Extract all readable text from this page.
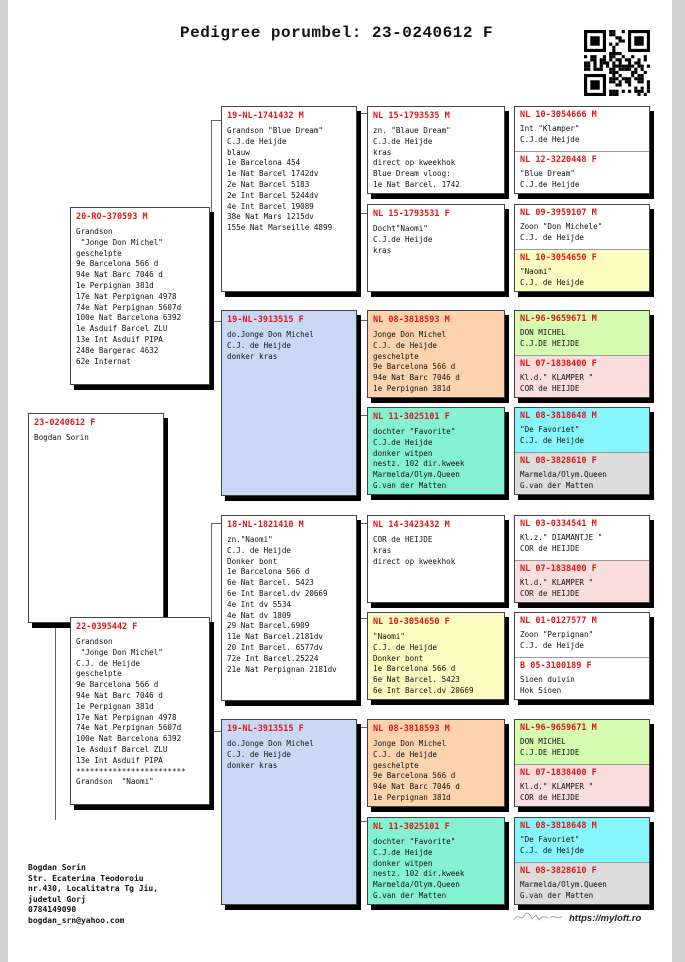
Pedigree porumbel: 23-0240612 F
23-0240612 F
Bogdan Sorin
20-RO-370593 M
Grandson
"Jonge Don Michel"
geschelpte
9e Barcelona 566 d
94e Nat Barc 7046 d
1e Perpignan 381d
17e Nat Perpignan 4978
74e Nat Perpignan 5607d
100e Nat Barcelona 6392
1e Asduif Barcel ZLU
13e Int Asduif PIPA
248e Bargerac 4632
62e Internat
22-0395442 F
Grandson
"Jonge Don Michel"
C.J. de Heijde
geschelpte
9e Barcelona 566 d
94e Nat Barc 7046 d
1e Perpignan 381d
17e Nat Perpignan 4978
74e Nat Perpignan 5607d
100e Nat Barcelona 6392
1e Asduif Barcel ZLU
13e Int Asduif PIPA
************************
Grandson  "Naomi"
19-NL-1741432 M
Grandson "Blue Dream"
C.J.de Heijde
blauw
1e Barcelona 454
1e Nat Barcel 1742dv
2e Nat Barcel 5183
2e Int Barcel 5244dv
4e Int Barcel 19089
38e Nat Mars 1215dv
155e Nat Marseille 4899
19-NL-3913515 F
do.Jonge Don Michel
C.J. de Heijde
donker kras
18-NL-1821410 M
zn."Naomi"
C.J. de Heijde
Donker bont
1e Barcelona 566 d
6e Nat Barcel. 5423
6e Int Barcel.dv 20669
4e Int dv 5534
4e Nat dv 1809
29 Nat Barcel.6909
11e Nat Barcel.2181dv
20 Int Barcel. 6577dv
72e Int Barcel.25224
21e Nat Perpignan 2181dv
19-NL-3913515 F
do.Jonge Don Michel
C.J. de Heijde
donker kras
NL 15-1793535 M
zn. "Blaue Dream"
C.J.de Heijde
kras
direct op kweekhok
Blue Dream vloog:
1e Nat Barcel. 1742
NL 15-1793531 F
Docht"Naomi"
C.J.de Heijde
kras
NL 08-3818593 M
Jonge Don Michel
C.J. de Heijde
geschelpte
9e Barcelona 566 d
94e Nat Barc 7046 d
1e Perpignan 381d
NL 11-3025101 F
dochter "Favorite"
C.J.de Heijde
donker witpen
nestz. 102 dir.kweek
Marmelda/Olym.Queen
G.van der Matten
NL 14-3423432 M
COR de HEIJDE
kras
direct op kweekhok
NL 10-3054650 F
"Naomi"
C.J. de Heijde
Donker bont
1e Barcelona 566 d
6e Nat Barcel. 5423
6e Int Barcel.dv 20669
NL 08-3818593 M
Jonge Don Michel
C.J. de Heijde
geschelpte
9e Barcelona 566 d
94e Nat Barc 7046 d
1e Perpignan 381d
NL 11-3025101 F
dochter "Favorite"
C.J.de Heijde
donker witpen
nestz. 102 dir.kweek
Marmelda/Olym.Queen
G.van der Matten
NL 10-3054666 M
Int "Klamper"
C.J.de Heijde
NL 12-3220448 F
"Blue Dream"
C.J.de Heijde
NL 09-3959107 M
Zoon "Don Michele"
C.J. de Heijde
NL 10-3054650 F
"Naomi"
C.J. de Heijde
NL-96-9659671 M
DON MICHEL
C.J.DE HEIJDE
NL 07-1838400 F
Kl.d." KLAMPER "
COR de HEIJDE
NL 08-3818648 M
"De Favoriet"
C.J. de Heijde
NL 08-3828610 F
Marmelda/Olym.Queen
G.van der Matten
NL 03-0334541 M
Kl.z." DIAMANTJE "
COR de HEIJDE
NL 07-1838400 F
Kl.d." KLAMPER "
COR de HEIJDE
NL 01-0127577 M
Zoon "Perpignan"
C.J. de Heijde
B 05-3100189 F
Sioen duivin
Hok Sioen
NL-96-9659671 M
DON MICHEL
C.J.DE HEIJDE
NL 07-1838400 F
Kl.d." KLAMPER "
COR de HEIJDE
NL 08-3818648 M
"De Favoriet"
C.J. de Heijde
NL 08-3828610 F
Marmelda/Olym.Queen
G.van der Matten
Bogdan Sorin
Str. Ecaterina Teodoroiu
nr.430, Localitatra Tg Jiu,
judetul Gorj
0784149090
bogdan_srn@yahoo.com	https://myloft.ro
